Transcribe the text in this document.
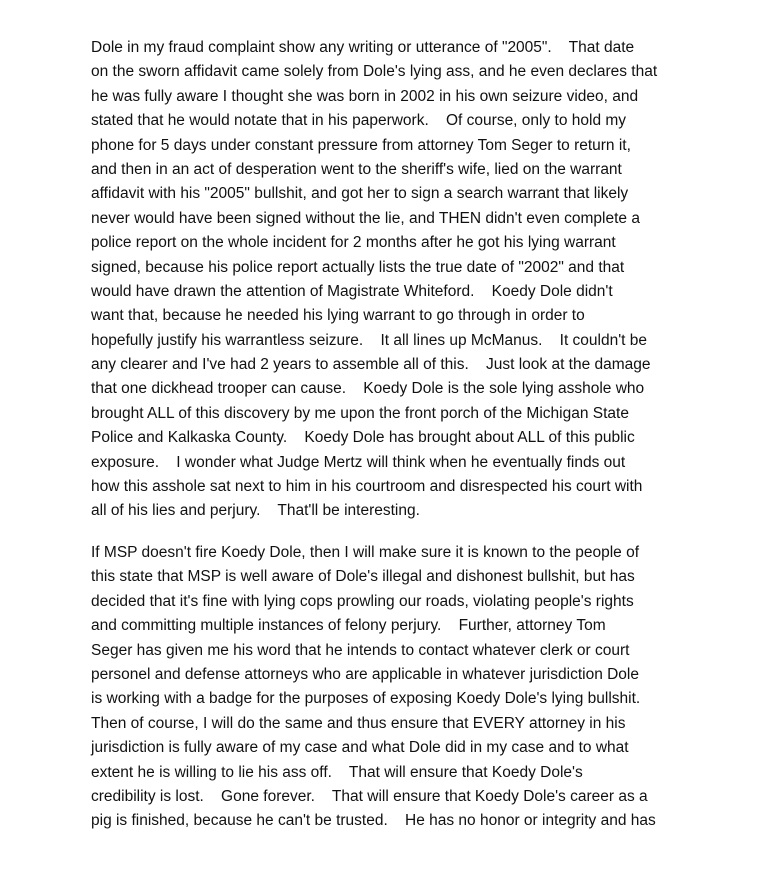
Dole in my fraud complaint show any writing or utterance of "2005".    That date
on the sworn affidavit came solely from Dole's lying ass, and he even declares that
he was fully aware I thought she was born in 2002 in his own seizure video, and
stated that he would notate that in his paperwork.    Of course, only to hold my
phone for 5 days under constant pressure from attorney Tom Seger to return it,
and then in an act of desperation went to the sheriff's wife, lied on the warrant
affidavit with his "2005" bullshit, and got her to sign a search warrant that likely
never would have been signed without the lie, and THEN didn't even complete a
police report on the whole incident for 2 months after he got his lying warrant
signed, because his police report actually lists the true date of "2002" and that
would have drawn the attention of Magistrate Whiteford.    Koedy Dole didn't
want that, because he needed his lying warrant to go through in order to
hopefully justify his warrantless seizure.    It all lines up McManus.    It couldn't be
any clearer and I've had 2 years to assemble all of this.    Just look at the damage
that one dickhead trooper can cause.    Koedy Dole is the sole lying asshole who
brought ALL of this discovery by me upon the front porch of the Michigan State
Police and Kalkaska County.    Koedy Dole has brought about ALL of this public
exposure.    I wonder what Judge Mertz will think when he eventually finds out
how this asshole sat next to him in his courtroom and disrespected his court with
all of his lies and perjury.    That'll be interesting.
If MSP doesn't fire Koedy Dole, then I will make sure it is known to the people of
this state that MSP is well aware of Dole's illegal and dishonest bullshit, but has
decided that it's fine with lying cops prowling our roads, violating people's rights
and committing multiple instances of felony perjury.    Further, attorney Tom
Seger has given me his word that he intends to contact whatever clerk or court
personel and defense attorneys who are applicable in whatever jurisdiction Dole
is working with a badge for the purposes of exposing Koedy Dole's lying bullshit.
Then of course, I will do the same and thus ensure that EVERY attorney in his
jurisdiction is fully aware of my case and what Dole did in my case and to what
extent he is willing to lie his ass off.    That will ensure that Koedy Dole's
credibility is lost.    Gone forever.    That will ensure that Koedy Dole's career as a
pig is finished, because he can't be trusted.    He has no honor or integrity and has
